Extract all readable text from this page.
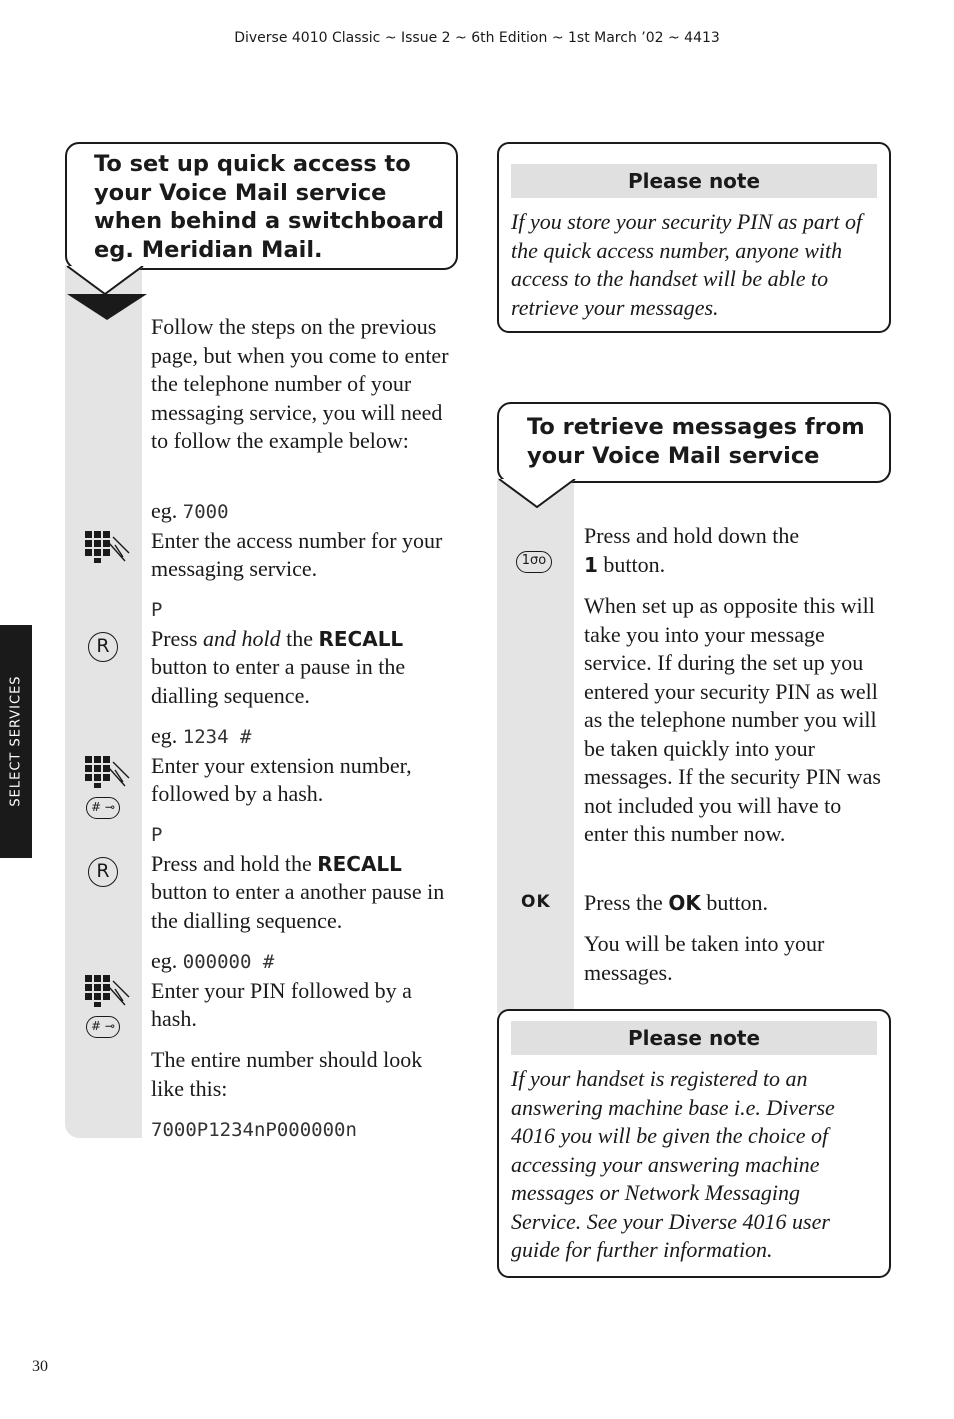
Diverse 4010 Classic ~ Issue 2 ~ 6th Edition ~ 1st March ’02 ~ 4413
SELECT SERVICES
To set up quick access to your Voice Mail service when behind a switchboard eg. Meridian Mail.
Follow the steps on the previous page, but when you come to enter the telephone number of your messaging service, you will need to follow the example below:
eg. 7000
Enter the access number for your messaging service.
P
Press and hold the RECALL button to enter a pause in the dialling sequence.
eg. 1234 #
Enter your extension number, followed by a hash.
P
Press and hold the RECALL button to enter a another pause in the dialling sequence.
eg. 000000 #
Enter your PIN followed by a hash.
The entire number should look like this:
7000P1234nP000000n
R
# ⊸
R
# ⊸
Please note
If you store your security PIN as part of the quick access number, anyone with access to the handset will be able to retrieve your messages.
To retrieve messages from your Voice Mail service
Press and hold down the
1 button.
When set up as opposite this will take you into your message service. If during the set up you entered your security PIN as well as the telephone number you will be taken quickly into your messages. If the security PIN was not included you will have to enter this number now.
Press the OK button.
You will be taken into your messages.
1σο
OK
Please note
If your handset is registered to an answering machine base i.e. Diverse 4016 you will be given the choice of accessing your answering machine messages or Network Messaging Service. See your Diverse 4016 user guide for further information.
30
